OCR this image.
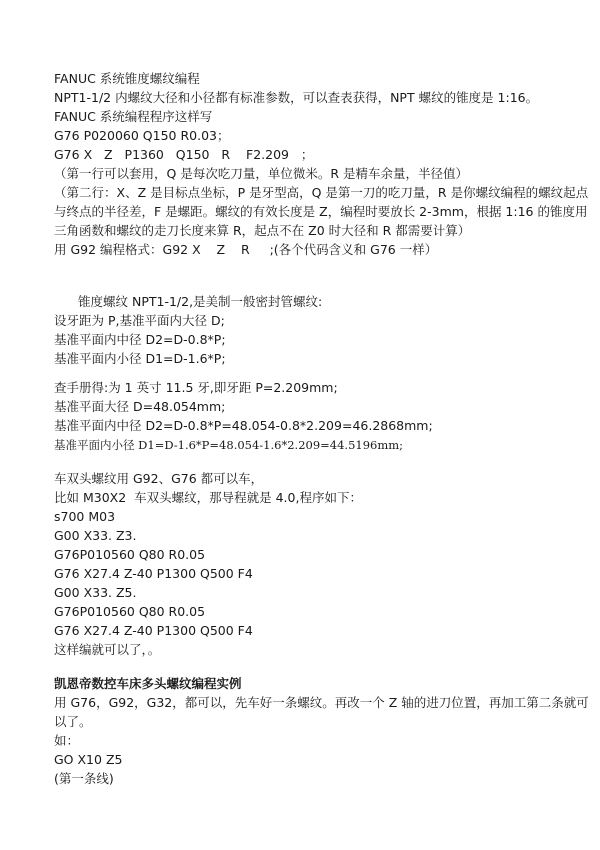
FANUC 系统锥度螺纹编程
NPT1-1/2 内螺纹大径和小径都有标准参数，可以查表获得，NPT 螺纹的锥度是 1:16。
FANUC 系统编程程序这样写
G76 P020060 Q150 R0.03；
G76 X   Z   P1360   Q150   R    F2.209   ；
（第一行可以套用，Q 是每次吃刀量，单位微米。R 是精车余量，半径值）
（第二行：X、Z 是目标点坐标，P 是牙型高，Q 是第一刀的吃刀量，R 是你螺纹编程的螺纹起点
与终点的半径差，F 是螺距。螺纹的有效长度是 Z，编程时要放长 2-3mm，根据 1:16 的锥度用
三角函数和螺纹的走刀长度来算 R，起点不在 Z0 时大径和 R 都需要计算）
用 G92 编程格式：G92 X    Z    R     ;(各个代码含义和 G76 一样）
锥度螺纹 NPT1-1/2,是美制一般密封管螺纹:
设牙距为 P,基准平面内大径 D;
基准平面内中径 D2=D-0.8*P;
基准平面内小径 D1=D-1.6*P;
查手册得:为 1 英寸 11.5 牙,即牙距 P=2.209mm;
基准平面大径 D=48.054mm;
基准平面内中径 D2=D-0.8*P=48.054-0.8*2.209=46.2868mm;
基准平面内小径 D1=D-1.6*P=48.054-1.6*2.209=44.5196mm;
车双头螺纹用 G92、G76 都可以车，
比如 M30X2  车双头螺纹，那导程就是 4.0,程序如下：
s700 M03
G00 X33. Z3.
G76P010560 Q80 R0.05
G76 X27.4 Z-40 P1300 Q500 F4
G00 X33. Z5.
G76P010560 Q80 R0.05
G76 X27.4 Z-40 P1300 Q500 F4
这样编就可以了，。
凯恩帝数控车床多头螺纹编程实例
用 G76，G92，G32，都可以，先车好一条螺纹。再改一个 Z 轴的进刀位置，再加工第二条就可
以了。
如：
GO X10 Z5
(第一条线)
